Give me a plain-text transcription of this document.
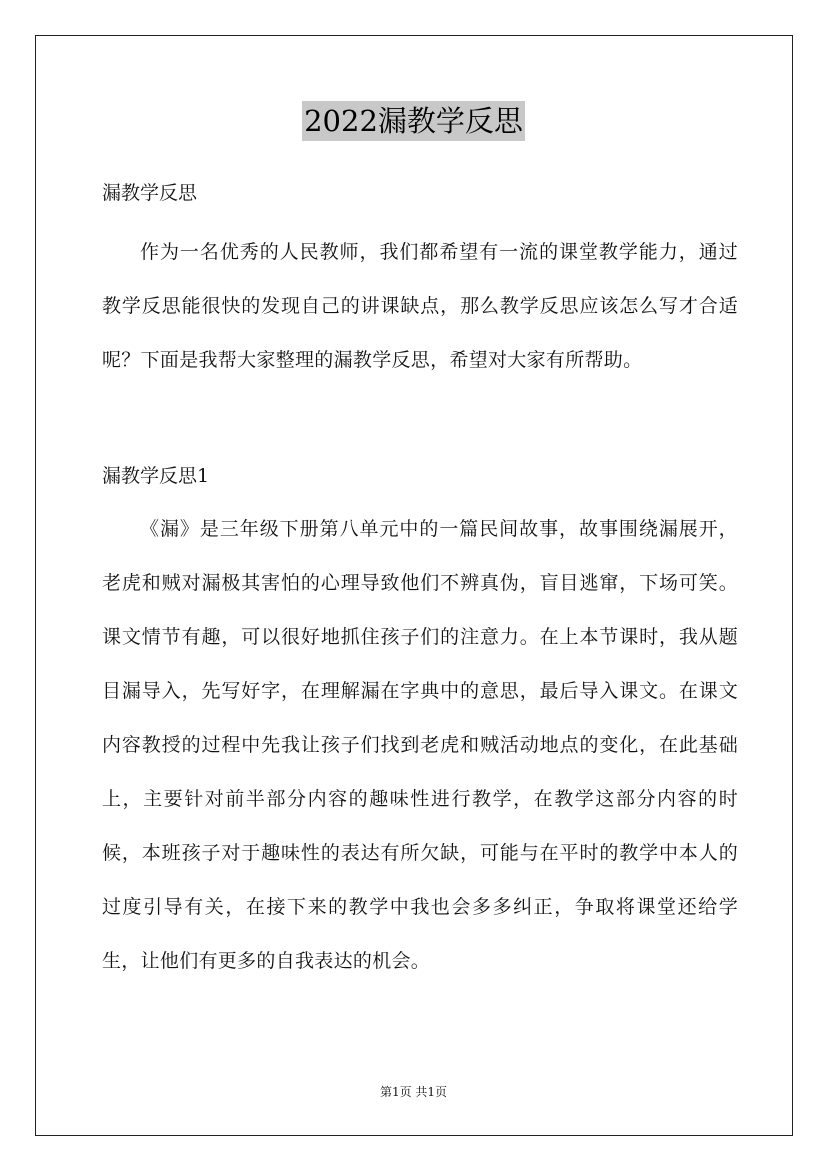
2022漏教学反思

漏教学反思

作为一名优秀的人民教师，我们都希望有一流的课堂教学能力，通过教学反思能很快的发现自己的讲课缺点，那么教学反思应该怎么写才合适呢？下面是我帮大家整理的漏教学反思，希望对大家有所帮助。

漏教学反思1

《漏》是三年级下册第八单元中的一篇民间故事，故事围绕漏展开，老虎和贼对漏极其害怕的心理导致他们不辨真伪，盲目逃窜，下场可笑。课文情节有趣，可以很好地抓住孩子们的注意力。在上本节课时，我从题目漏导入，先写好字，在理解漏在字典中的意思，最后导入课文。在课文内容教授的过程中先我让孩子们找到老虎和贼活动地点的变化，在此基础上，主要针对前半部分内容的趣味性进行教学，在教学这部分内容的时候，本班孩子对于趣味性的表达有所欠缺，可能与在平时的教学中本人的过度引导有关，在接下来的教学中我也会多多纠正，争取将课堂还给学生，让他们有更多的自我表达的机会。

第1页 共1页
